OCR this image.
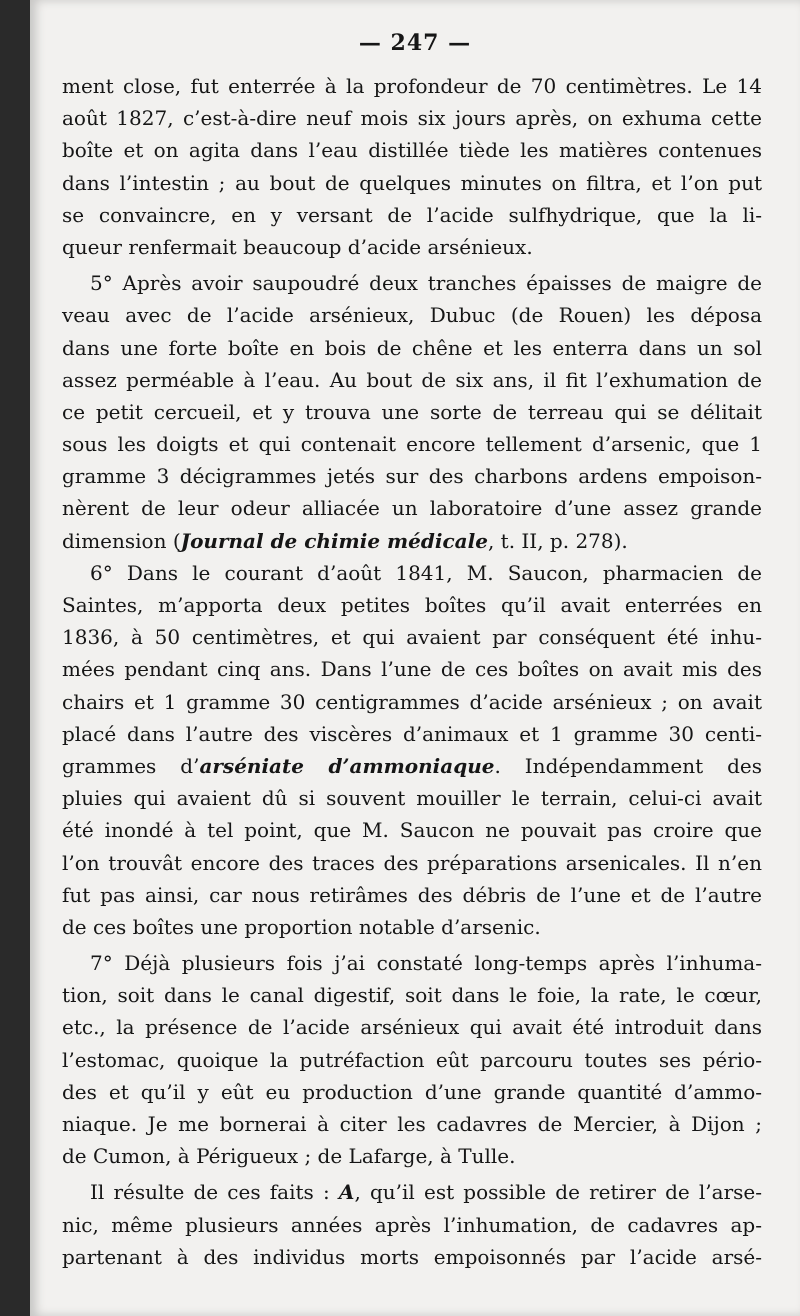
— 247 —
ment close, fut enterrée à la profondeur de 70 centimètres. Le 14
août 1827, c’est-à-dire neuf mois six jours après, on exhuma cette
boîte et on agita dans l’eau distillée tiède les matières contenues
dans l’intestin ; au bout de quelques minutes on filtra, et l’on put
se convaincre, en y versant de l’acide sulfhydrique, que la li-
queur renfermait beaucoup d’acide arsénieux.
5° Après avoir saupoudré deux tranches épaisses de maigre de
veau avec de l’acide arsénieux, Dubuc (de Rouen) les déposa
dans une forte boîte en bois de chêne et les enterra dans un sol
assez perméable à l’eau. Au bout de six ans, il fit l’exhumation de
ce petit cercueil, et y trouva une sorte de terreau qui se délitait
sous les doigts et qui contenait encore tellement d’arsenic, que 1
gramme 3 décigrammes jetés sur des charbons ardens empoison-
nèrent de leur odeur alliacée un laboratoire d’une assez grande
dimension (Journal de chimie médicale, t. II, p. 278).
6° Dans le courant d’août 1841, M. Saucon, pharmacien de
Saintes, m’apporta deux petites boîtes qu’il avait enterrées en
1836, à 50 centimètres, et qui avaient par conséquent été inhu-
mées pendant cinq ans. Dans l’une de ces boîtes on avait mis des
chairs et 1 gramme 30 centigrammes d’acide arsénieux ; on avait
placé dans l’autre des viscères d’animaux et 1 gramme 30 centi-
grammes d’arséniate d’ammoniaque. Indépendamment des
pluies qui avaient dû si souvent mouiller le terrain, celui-ci avait
été inondé à tel point, que M. Saucon ne pouvait pas croire que
l’on trouvât encore des traces des préparations arsenicales. Il n’en
fut pas ainsi, car nous retirâmes des débris de l’une et de l’autre
de ces boîtes une proportion notable d’arsenic.
7° Déjà plusieurs fois j’ai constaté long-temps après l’inhuma-
tion, soit dans le canal digestif, soit dans le foie, la rate, le cœur,
etc., la présence de l’acide arsénieux qui avait été introduit dans
l’estomac, quoique la putréfaction eût parcouru toutes ses pério-
des et qu’il y eût eu production d’une grande quantité d’ammo-
niaque. Je me bornerai à citer les cadavres de Mercier, à Dijon ;
de Cumon, à Périgueux ; de Lafarge, à Tulle.
Il résulte de ces faits : A, qu’il est possible de retirer de l’arse-
nic, même plusieurs années après l’inhumation, de cadavres ap-
partenant à des individus morts empoisonnés par l’acide arsé-
